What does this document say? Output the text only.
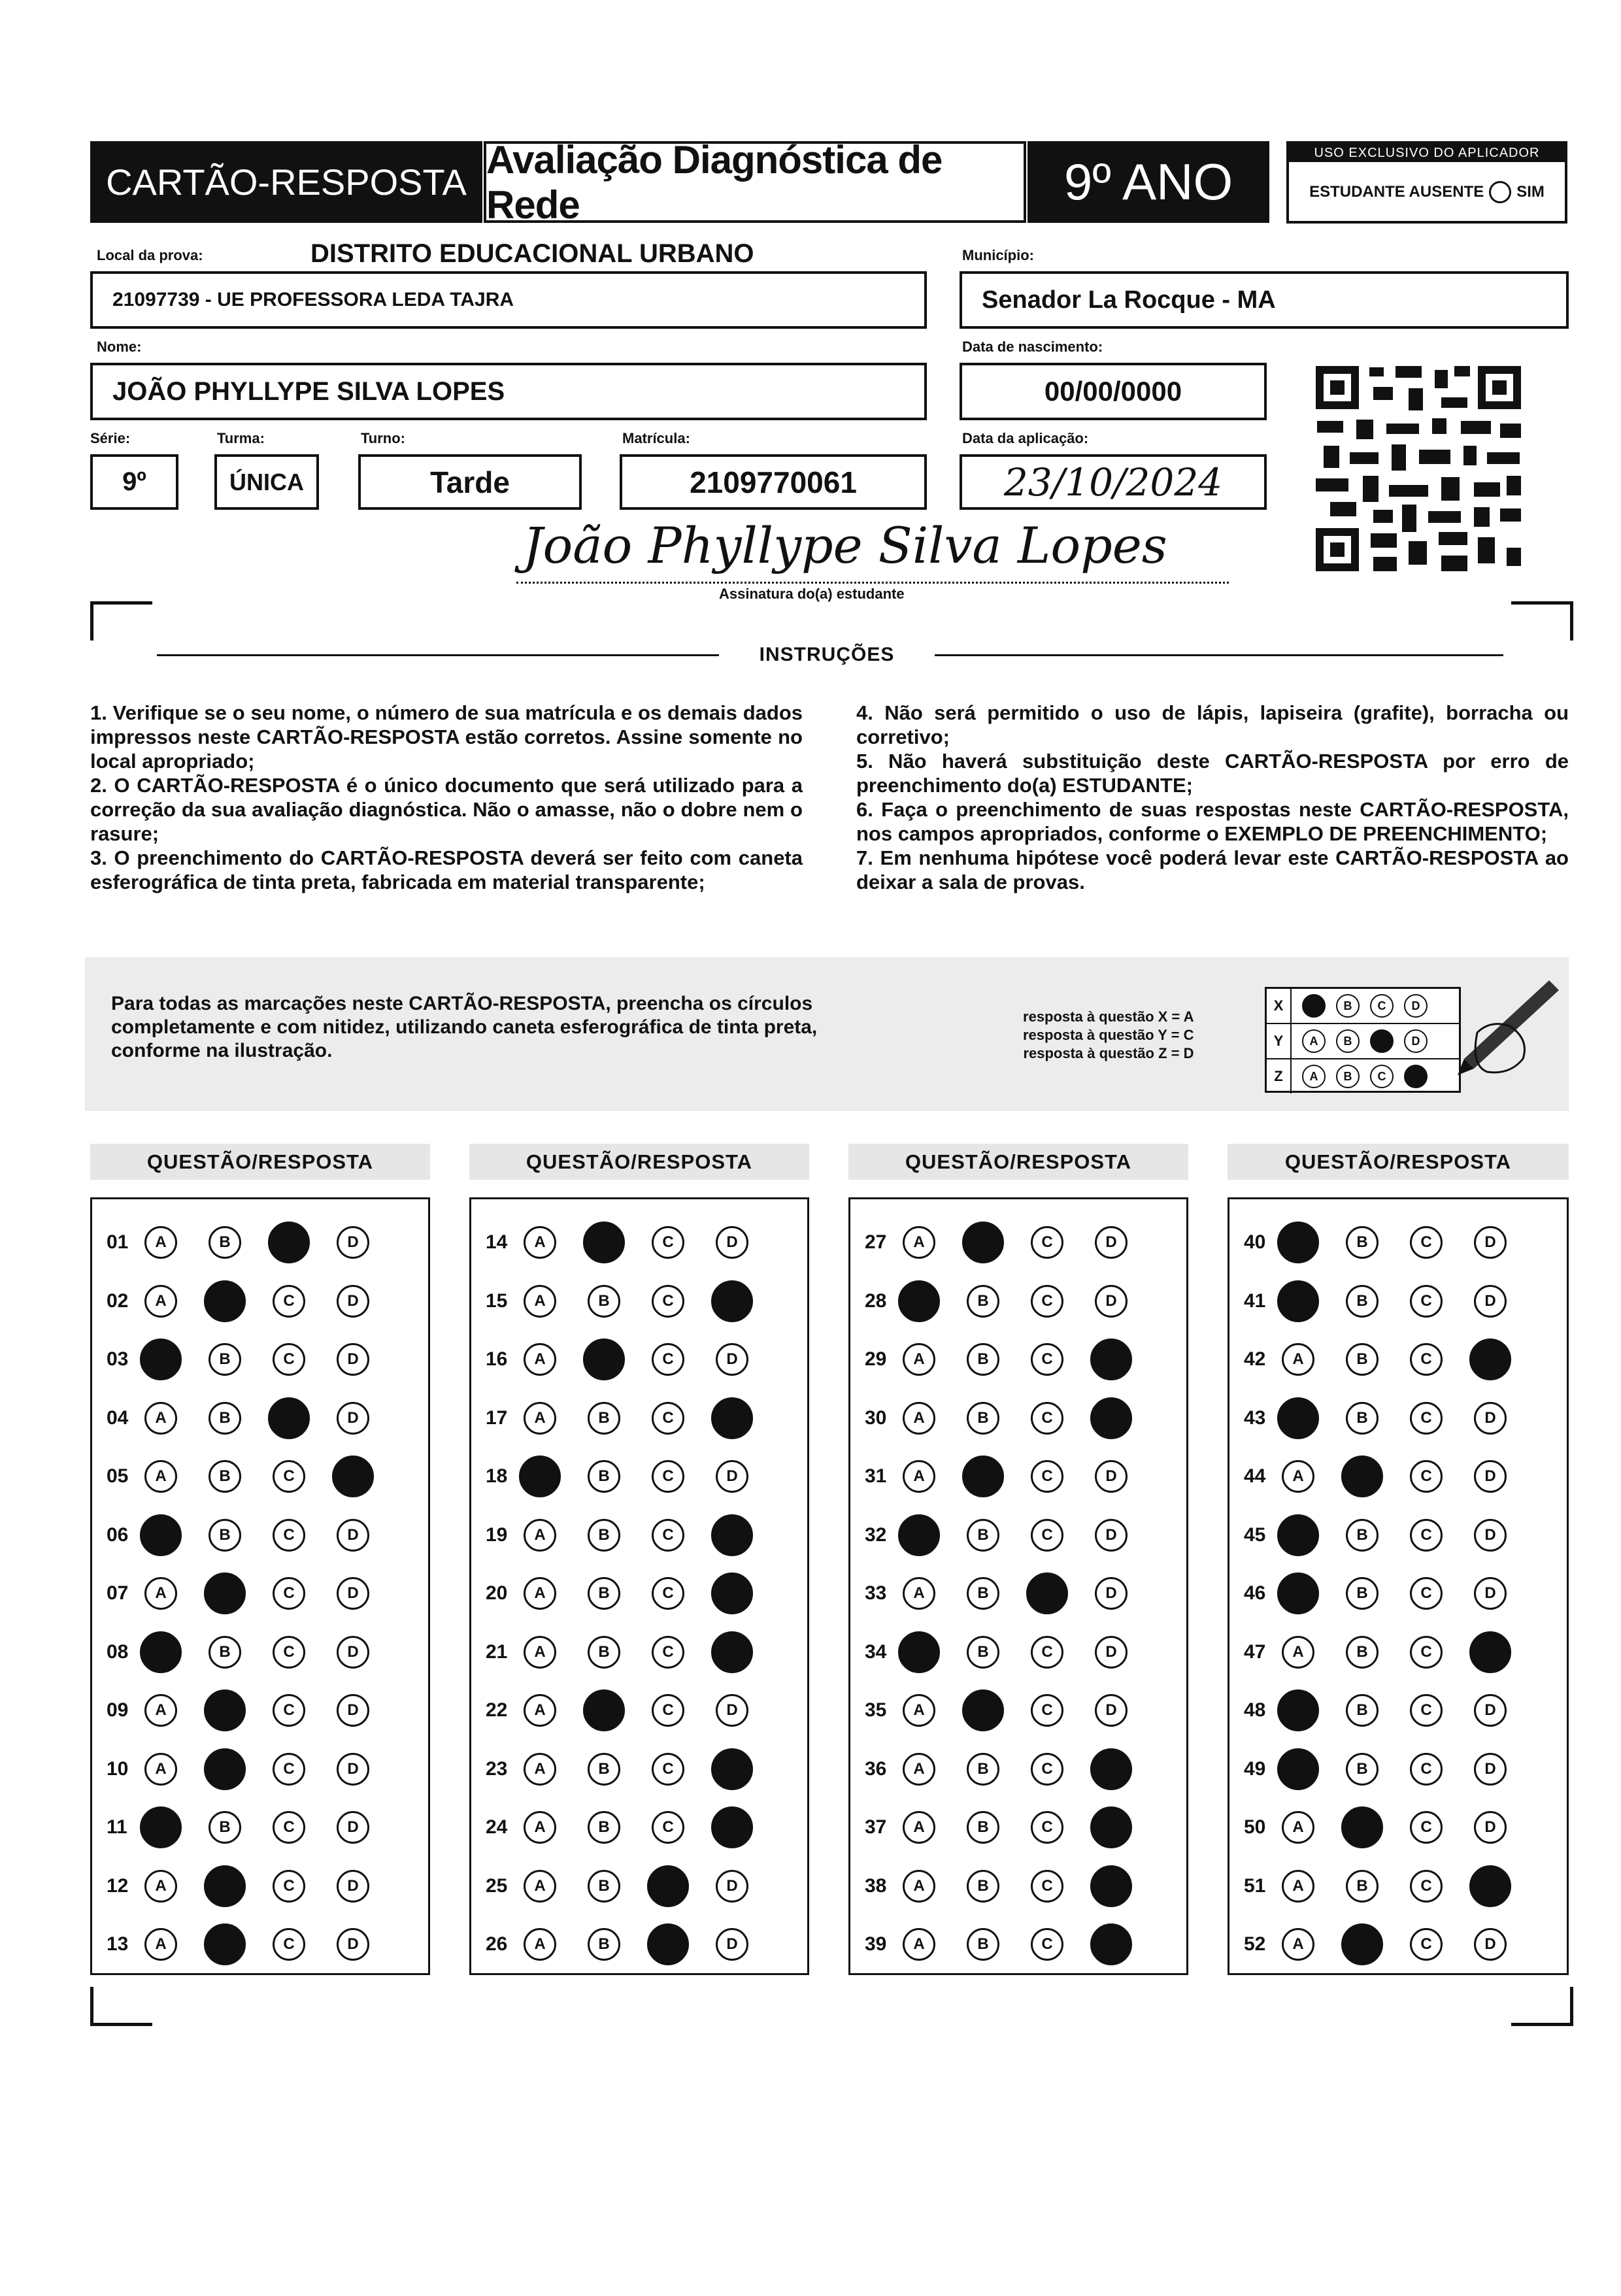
CARTÃO-RESPOSTA
Avaliação Diagnóstica de Rede	9º ANO	USO EXCLUSIVO DO APLICADOR
ESTUDANTE AUSENTE SIM
Local da prova:	DISTRITO EDUCACIONAL URBANO
21097739 - UE PROFESSORA LEDA TAJRA
Município:
Senador La Rocque - MA
Nome:
JOÃO PHYLLYPE SILVA LOPES
Data de nascimento:
00/00/0000
Série:
9º
Turma:
ÚNICA
Turno:
Tarde
Matrícula:
2109770061
Data da aplicação:
23/10/2024
João Phyllype Silva Lopes
Assinatura do(a) estudante
INSTRUÇÕES

1. Verifique se o seu nome, o número de sua matrícula e os demais dados impressos neste CARTÃO-RESPOSTA estão corretos. Assine somente no local apropriado;

2. O CARTÃO-RESPOSTA é o único documento que será utilizado para a correção da sua avaliação diagnóstica. Não o amasse, não o dobre nem o rasure;

3. O preenchimento do CARTÃO-RESPOSTA deverá ser feito com caneta esferográfica de tinta preta, fabricada em material transparente;

4. Não será permitido o uso de lápis, lapiseira (grafite), borracha ou corretivo;

5. Não haverá substituição deste CARTÃO-RESPOSTA por erro de preenchimento do(a) ESTUDANTE;

6. Faça o preenchimento de suas respostas neste CARTÃO-RESPOSTA, nos campos apropriados, conforme o EXEMPLO DE PREENCHIMENTO;

7. Em nenhuma hipótese você poderá levar este CARTÃO-RESPOSTA ao deixar a sala de provas.

Para todas as marcações neste CARTÃO-RESPOSTA, preencha os círculos completamente e com nitidez, utilizando caneta esferográfica de tinta preta, conforme na ilustração.
resposta à questão X = A
resposta à questão Y = C
resposta à questão Z = D
X	B	C	D
Y	A	B	D
Z	A	B	C
QUESTÃO/RESPOSTA	QUESTÃO/RESPOSTA	QUESTÃO/RESPOSTA	QUESTÃO/RESPOSTA
01	A	B	C	D
02	A	B	C	D
03	A	B	C	D
04	A	B	C	D
05	A	B	C	D
06	A	B	C	D
07	A	B	C	D
08	A	B	C	D
09	A	B	C	D
10	A	B	C	D
11	A	B	C	D
12	A	B	C	D
13	A	B	C	D
14	A	B	C	D
15	A	B	C	D
16	A	B	C	D
17	A	B	C	D
18	A	B	C	D
19	A	B	C	D
20	A	B	C	D
21	A	B	C	D
22	A	B	C	D
23	A	B	C	D
24	A	B	C	D
25	A	B	C	D
26	A	B	C	D
27	A	B	C	D
28	A	B	C	D
29	A	B	C	D
30	A	B	C	D
31	A	B	C	D
32	A	B	C	D
33	A	B	C	D
34	A	B	C	D
35	A	B	C	D
36	A	B	C	D
37	A	B	C	D
38	A	B	C	D
39	A	B	C	D
40	A	B	C	D
41	A	B	C	D
42	A	B	C	D
43	A	B	C	D
44	A	B	C	D
45	A	B	C	D
46	A	B	C	D
47	A	B	C	D
48	A	B	C	D
49	A	B	C	D
50	A	B	C	D
51	A	B	C	D
52	A	B	C	D
